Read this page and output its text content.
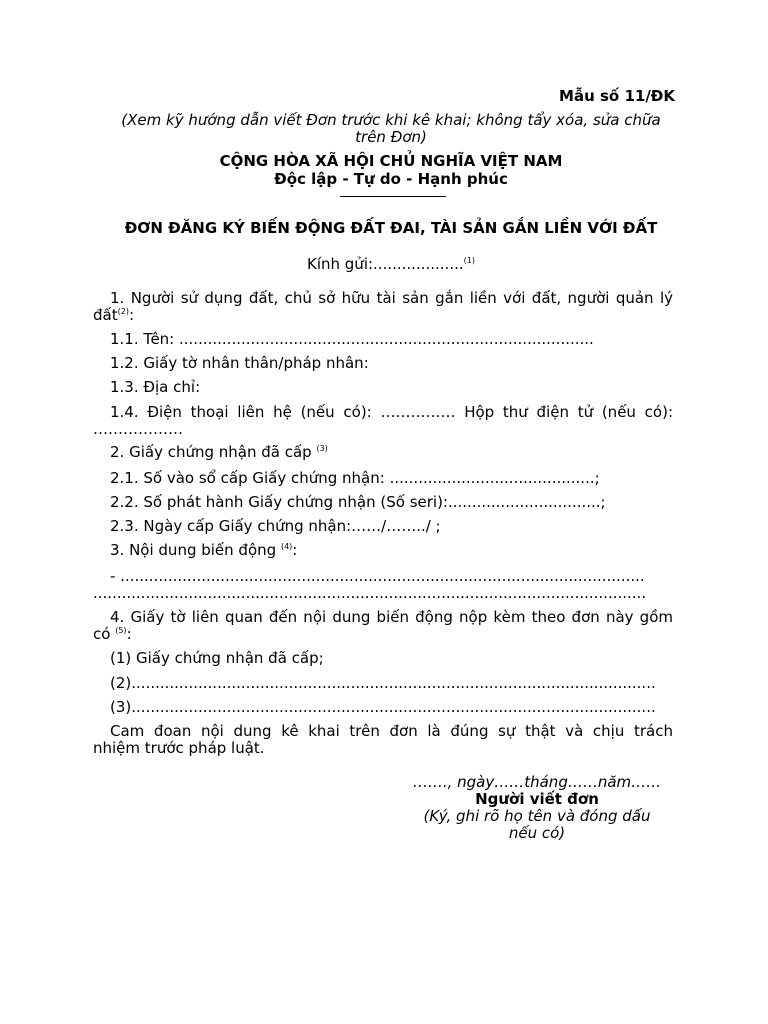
Mẫu số 11/ĐK
(Xem kỹ hướng dẫn viết Đơn trước khi kê khai; không tẩy xóa, sửa chữa
trên Đơn)
CỘNG HÒA XÃ HỘI CHỦ NGHĨA VIỆT NAM
Độc lập - Tự do - Hạnh phúc
ĐƠN ĐĂNG KÝ BIẾN ĐỘNG ĐẤT ĐAI, TÀI SẢN GẮN LIỀN VỚI ĐẤT
Kính gửi:...................$^{(1)}$
1. Người sử dụng đất, chủ sở hữu tài sản gắn liền với đất, người quản lý
đất$^{(2)}$:
1.1. Tên: .......................................................................................
1.2. Giấy tờ nhân thân/pháp nhân:
1.3. Địa chỉ:
1.4. Điện thoại liên hệ (nếu có): …………… Hộp thư điện tử (nếu có):
………………
2. Giấy chứng nhận đã cấp $^{(3)}$
2.1. Số vào sổ cấp Giấy chứng nhận: ...........................................;
2.2. Số phát hành Giấy chứng nhận (Số seri):................................;
2.3. Ngày cấp Giấy chứng nhận:……/……../ ;
3. Nội dung biến động $^{(4)}$:
- ..............................................................................................................
....................................................................................................................
4. Giấy tờ liên quan đến nội dung biến động nộp kèm theo đơn này gồm
có $^{(5)}$:
(1) Giấy chứng nhận đã cấp;
(2)..............................................................................................................
(3)..............................................................................................................
Cam đoan nội dung kê khai trên đơn là đúng sự thật và chịu trách
nhiệm trước pháp luật.
……., ngày……tháng……năm……
Người viết đơn
(Ký, ghi rõ họ tên và đóng dấu
nếu có)
